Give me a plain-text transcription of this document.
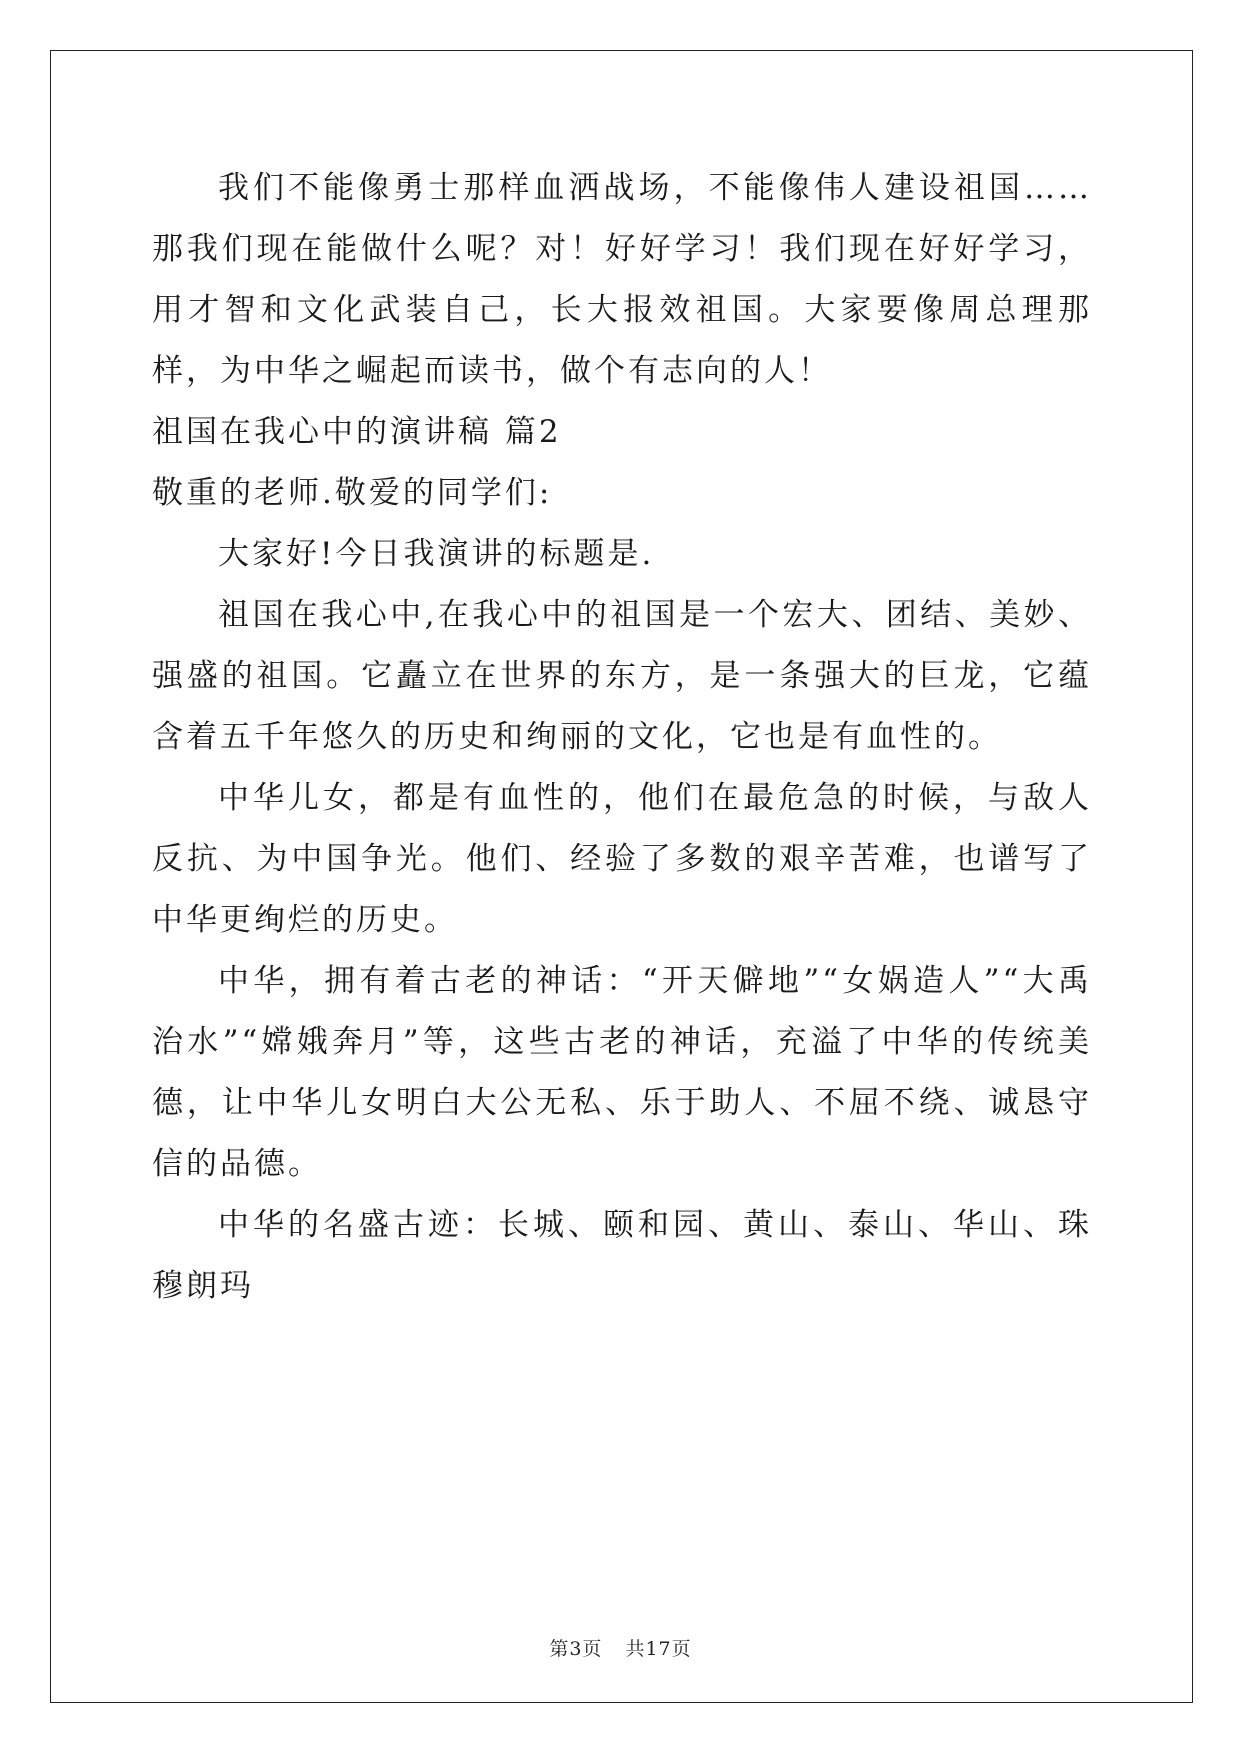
我们不能像勇士那样血洒战场，不能像伟人建设祖国……那我们现在能做什么呢？对！好好学习！我们现在好好学习，用才智和文化武装自己，长大报效祖国。大家要像周总理那样，为中华之崛起而读书，做个有志向的人！

祖国在我心中的演讲稿 篇2

敬重的老师.敬爱的同学们:

大家好!今日我演讲的标题是.

祖国在我心中,在我心中的祖国是一个宏大、团结、美妙、强盛的祖国。它矗立在世界的东方，是一条强大的巨龙，它蕴含着五千年悠久的历史和绚丽的文化，它也是有血性的。

中华儿女，都是有血性的，他们在最危急的时候，与敌人反抗、为中国争光。他们、经验了多数的艰辛苦难，也谱写了中华更绚烂的历史。

中华，拥有着古老的神话：“开天僻地”“女娲造人”“大禹治水”“嫦娥奔月”等，这些古老的神话，充溢了中华的传统美德，让中华儿女明白大公无私、乐于助人、不屈不绕、诚恳守信的品德。

中华的名盛古迹：长城、颐和园、黄山、泰山、华山、珠穆朗玛

第3页 共17页
